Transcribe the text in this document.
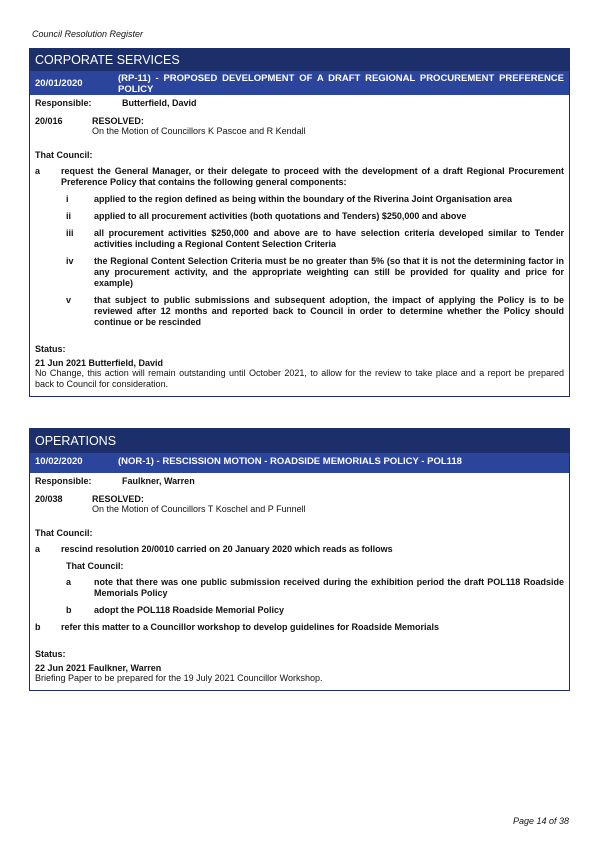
Council Resolution Register
CORPORATE SERVICES
20/01/2020	(RP-11) - PROPOSED DEVELOPMENT OF A DRAFT REGIONAL PROCUREMENT PREFERENCE POLICY
Responsible:	Butterfield, David
20/016	RESOLVED:
On the Motion of Councillors K Pascoe and R Kendall
That Council:
a	request the General Manager, or their delegate to proceed with the development of a draft Regional Procurement Preference Policy that contains the following general components:
i	applied to the region defined as being within the boundary of the Riverina Joint Organisation area
ii	applied to all procurement activities (both quotations and Tenders) $250,000 and above
iii	all procurement activities $250,000 and above are to have selection criteria developed similar to Tender activities including a Regional Content Selection Criteria
iv	the Regional Content Selection Criteria must be no greater than 5% (so that it is not the determining factor in any procurement activity, and the appropriate weighting can still be provided for quality and price for example)
v	that subject to public submissions and subsequent adoption, the impact of applying the Policy is to be reviewed after 12 months and reported back to Council in order to determine whether the Policy should continue or be rescinded
Status:
21 Jun 2021 Butterfield, David
No Change, this action will remain outstanding until October 2021, to allow for the review to take place and a report be prepared back to Council for consideration.
OPERATIONS
10/02/2020	(NOR-1) - RESCISSION MOTION - ROADSIDE MEMORIALS POLICY - POL118
Responsible:	Faulkner, Warren
20/038	RESOLVED:
On the Motion of Councillors T Koschel and P Funnell
That Council:
a	rescind resolution 20/0010 carried on 20 January 2020 which reads as follows
That Council:
a	note that there was one public submission received during the exhibition period the draft POL118 Roadside Memorials Policy
b	adopt the POL118 Roadside Memorial Policy
b	refer this matter to a Councillor workshop to develop guidelines for Roadside Memorials
Status:
22 Jun 2021 Faulkner, Warren
Briefing Paper to be prepared for the 19 July 2021 Councillor Workshop.
Page 14 of 38
